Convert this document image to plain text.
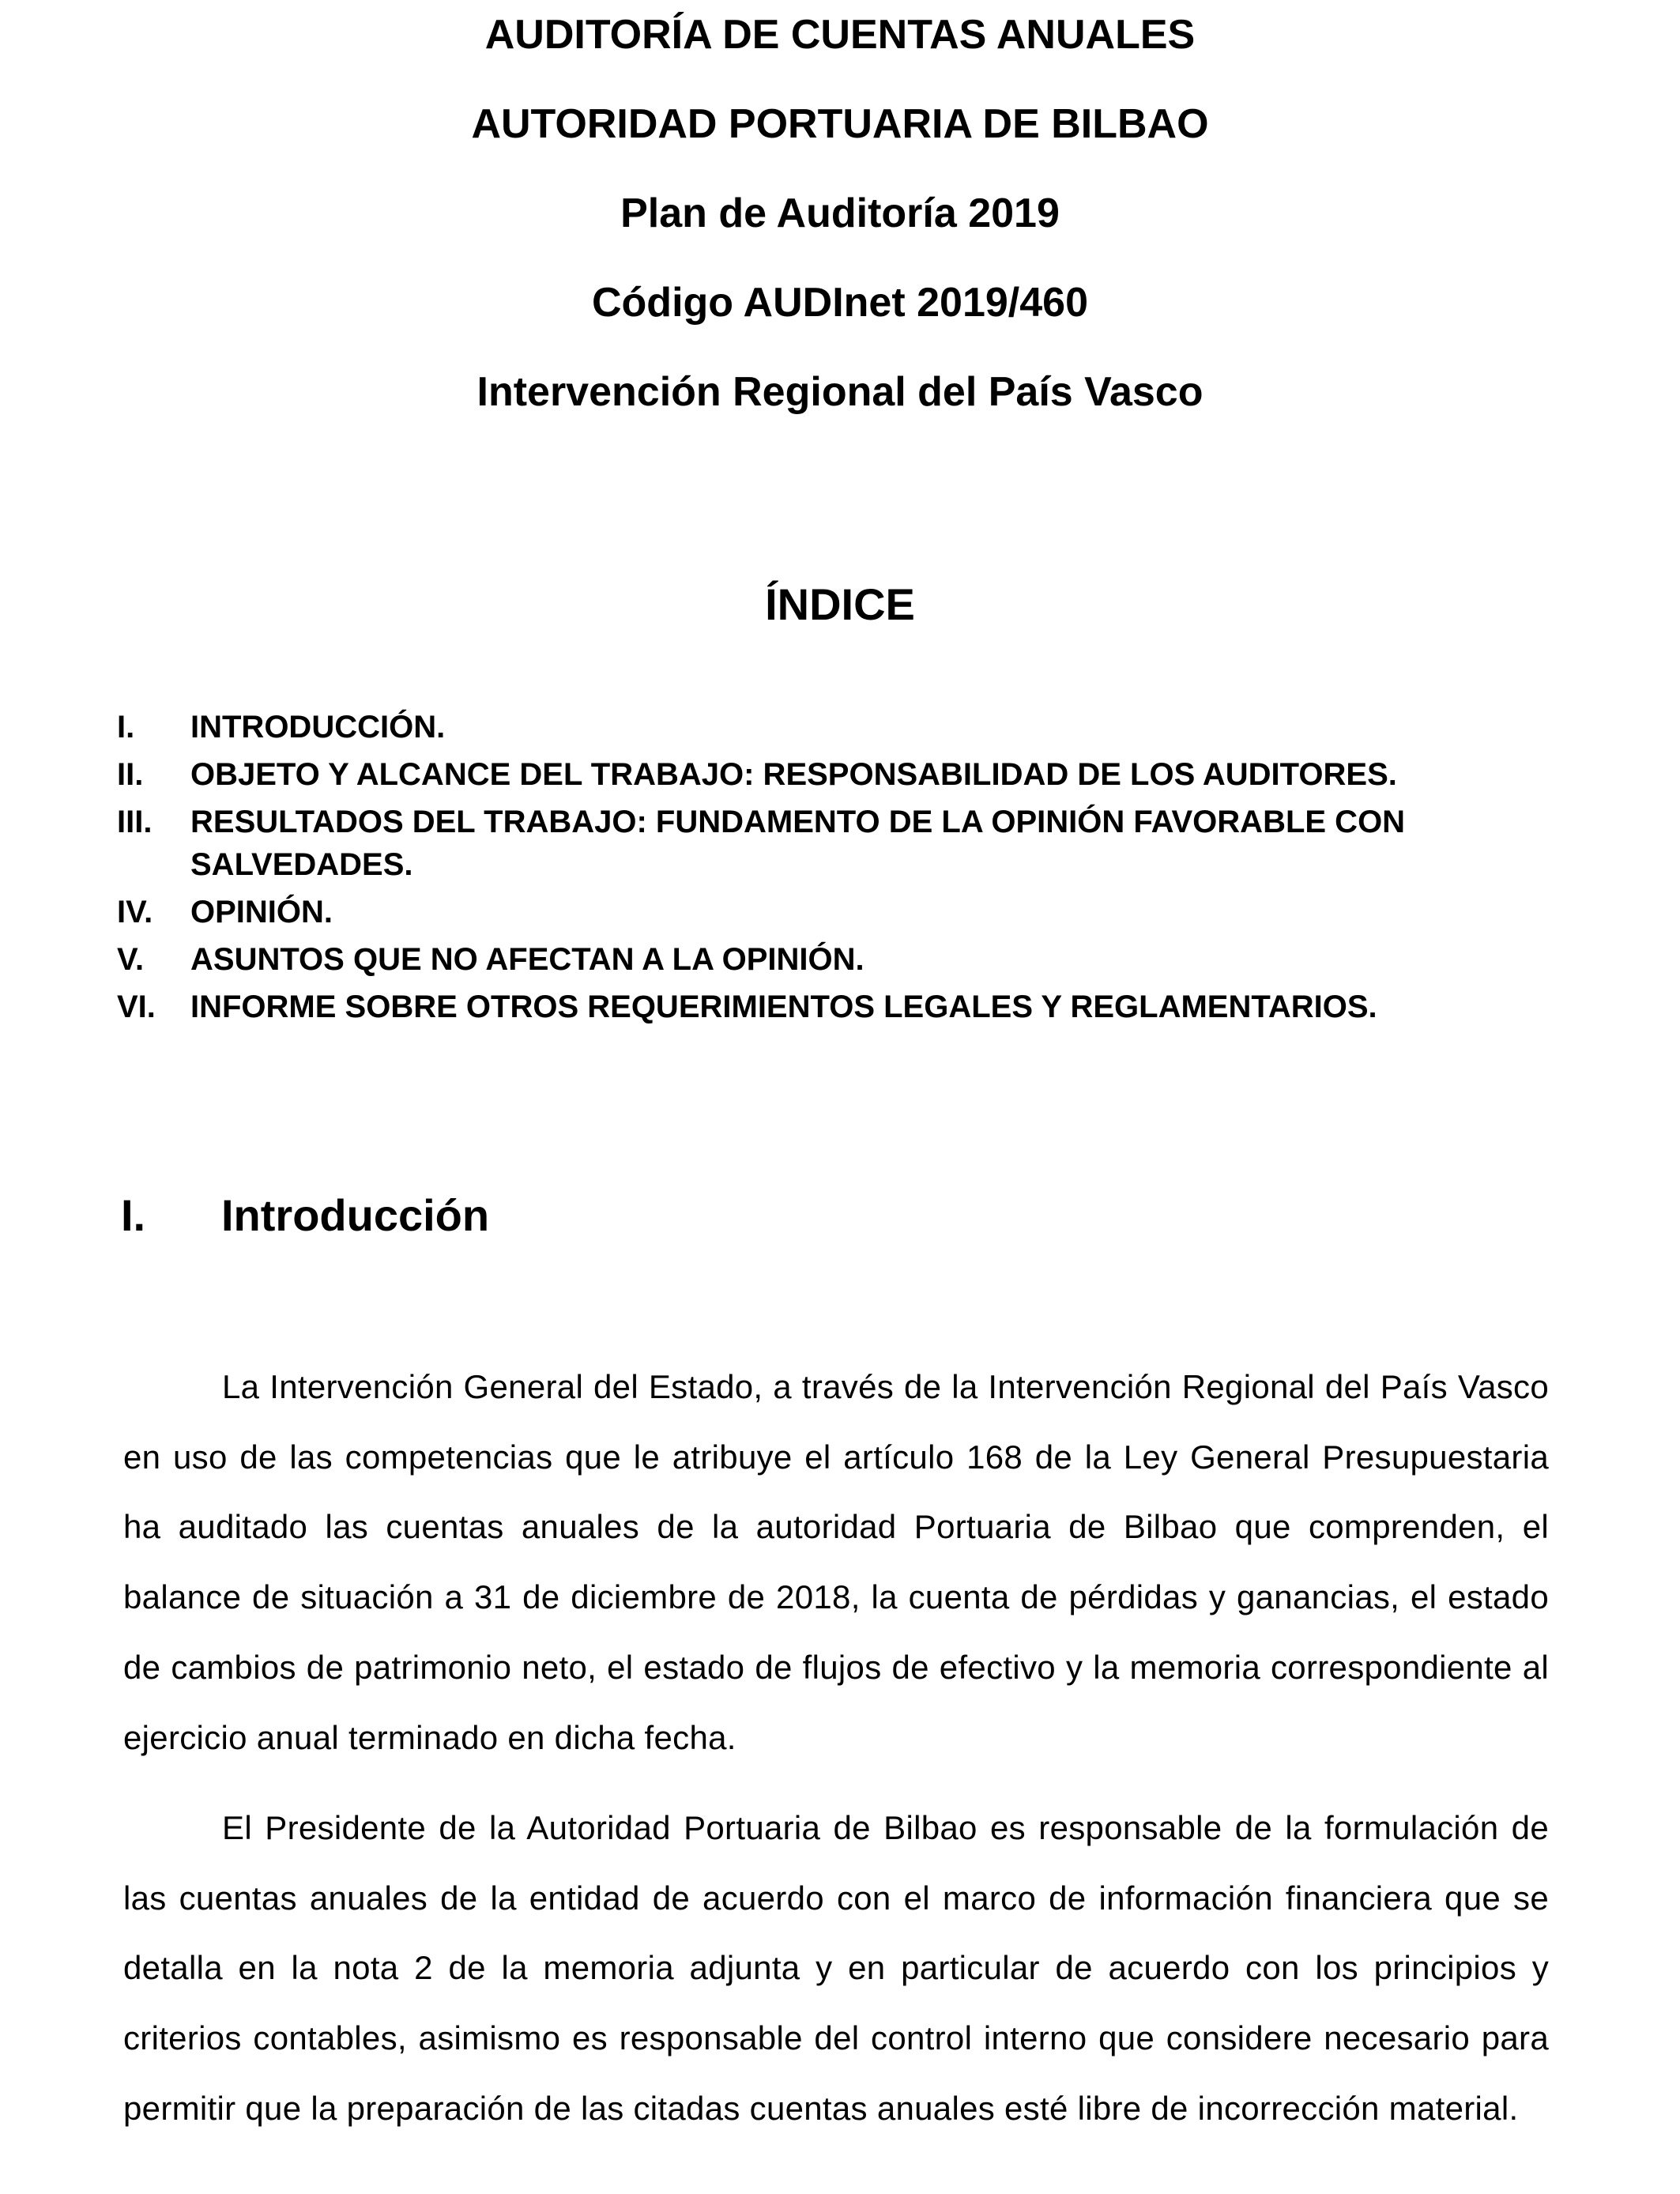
AUDITORÍA DE CUENTAS ANUALES
AUTORIDAD PORTUARIA DE BILBAO
Plan de Auditoría 2019
Código AUDInet 2019/460
Intervención Regional del País Vasco
ÍNDICE
I.	INTRODUCCIÓN.
II.	OBJETO Y ALCANCE DEL TRABAJO: RESPONSABILIDAD DE LOS AUDITORES.
III.	RESULTADOS DEL TRABAJO: FUNDAMENTO DE LA OPINIÓN FAVORABLE CON SALVEDADES.
IV.	OPINIÓN.
V.	ASUNTOS QUE NO AFECTAN A LA OPINIÓN.
VI.	INFORME SOBRE OTROS REQUERIMIENTOS LEGALES Y REGLAMENTARIOS.
I.	Introducción

La Intervención General del Estado, a través de la Intervención Regional del País Vasco en uso de las competencias que le atribuye el artículo 168 de la Ley General Presupuestaria ha auditado las cuentas anuales de la autoridad Portuaria de Bilbao que comprenden, el balance de situación a 31 de diciembre de 2018, la cuenta de pérdidas y ganancias, el estado de cambios de patrimonio neto, el estado de flujos de efectivo y la memoria correspondiente al ejercicio anual terminado en dicha fecha.

El Presidente de la Autoridad Portuaria de Bilbao es responsable de la formulación de las cuentas anuales de la entidad de acuerdo con el marco de información financiera que se detalla en la nota 2 de la memoria adjunta y en particular de acuerdo con los principios y criterios contables, asimismo es responsable del control interno que considere necesario para permitir que la preparación de las citadas cuentas anuales esté libre de incorrección material.
